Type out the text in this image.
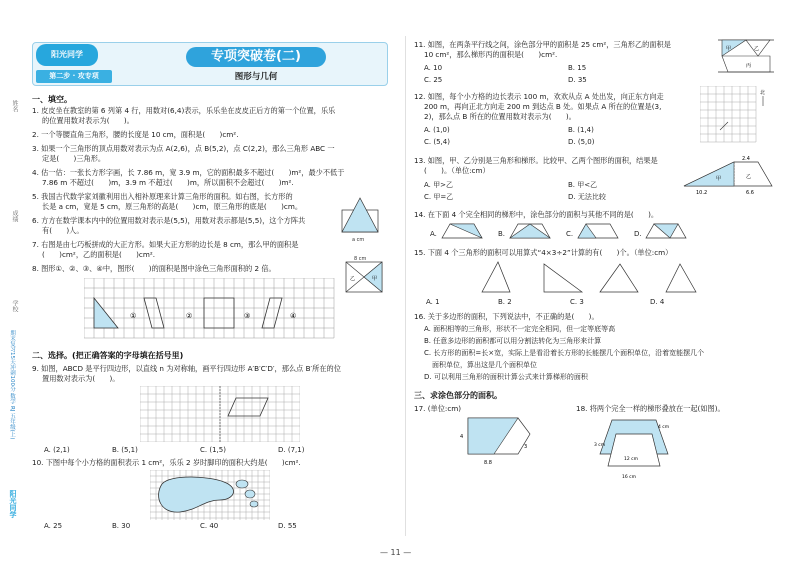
姓名
成绩
学校
期末复习15天冲刺100分 数学 RJ 五年级(上)
阳光同学
阳光同学
第二步 · 攻专项
专项突破卷(二)
图形与几何
一、填空。
1. 皮皮坐在教室的第 6 列第 4 行，用数对(6,4)表示，乐乐坐在皮皮正后方的第一个位置，乐乐
的位置用数对表示为(　　)。
2. 一个等腰直角三角形，腰的长度是 10 cm，面积是(　　)cm².
3. 如果一个三角形的顶点用数对表示为点 A(2,6)，点 B(5,2)，点 C(2,2)，那么三角形 ABC 一
定是(　　)三角形。
4. 估一估：一张长方形字画，长 7.86 m，宽 3.9 m，它的面积最多不超过(　　)m²，最少不低于
7.86 m 不超过(　　)m，3.9 m 不超过(　　)m，所以面积不会超过(　　)m².
5. 我国古代数学家刘徽利用出入相补原理来计算三角形的面积。如右图，长方形的
长是 a cm，宽是 5 cm，原三角形的高是(　　)cm，原三角形的底是(　　)cm。
6. 方方在数学课本内中的位置用数对表示是(5,5)，用数对表示都是(5,5)，这个方阵共
有(　　)人。
7. 右图是由七巧板拼成的大正方形。如果大正方形的边长是 8 cm，那么甲的面积是
(　　)cm²，乙的面积是(　　)cm².
8. 图形①、②、③、④中，图形(　　)的面积是图中涂色三角形面积的 2 倍。
a cm
8 cm
甲
乙
①	②	③	④
二、选择。(把正确答案的字母填在括号里)
9. 如图，ABCD 是平行四边形，以直线 n 为对称轴，画平行四边形 A′B′C′D′，那么点 B′所在的位
置用数对表示为(　　)。
A. (2,1)	B. (5,1)	C. (1,5)	D. (7,1)
10. 下图中每个小方格的面积表示 1 cm²，乐乐 2 岁时脚印的面积大约是(　　)cm².
A. 25	B. 30	C. 40	D. 55
11. 如图，在两条平行线之间，涂色部分甲的面积是 25 cm²，三角形乙的面积是
10 cm²，那么梯形丙的面积是(　　)cm².
A. 10	B. 15
C. 25	D. 35
甲	乙
丙
12. 如图，每个小方格的边长表示 100 m，欢欢从点 A 处出发，向正东方向走
200 m，再向正北方向走 200 m 到达点 B 处。如果点 A 所在的位置是(3,
2)，那么点 B 所在的位置用数对表示为(　　)。
A. (1,0)	B. (1,4)
C. (5,4)	D. (5,0)
北
13. 如图，甲、乙分别是三角形和梯形。比较甲、乙两个图形的面积，结果是
(　　)。（单位:cm）
A. 甲>乙	B. 甲<乙
C. 甲=乙	D. 无法比较
2.4
甲	乙
10.2	6.6
14. 在下面 4 个完全相同的梯形中，涂色部分的面积与其他不同的是(　　)。
A.	B.	C.	D.
15. 下面 4 个三角形的面积可以用算式“4×3÷2”计算的有(　　)个。（单位:cm）
A. 1	B. 2	C. 3	D. 4
16. 关于多边形的面积，下列说法中，不正确的是(　　)。
A. 面积相等的三角形，形状不一定完全相同，但一定等底等高
B. 任意多边形的面积都可以用分割法转化为三角形来计算
C. 长方形的面积=长×宽，实际上是看沿着长方形的长能摆几个面积单位，沿着宽能摆几个
面积单位，算出这是几个面积单位
D. 可以利用三角形的面积计算公式来计算梯形的面积
三、求涂色部分的面积。
17. (单位:cm)
4
8.8
3
18. 将两个完全一样的梯形叠放在一起(如图)。
4 cm
3 cm
12 cm
16 cm
— 11 —
